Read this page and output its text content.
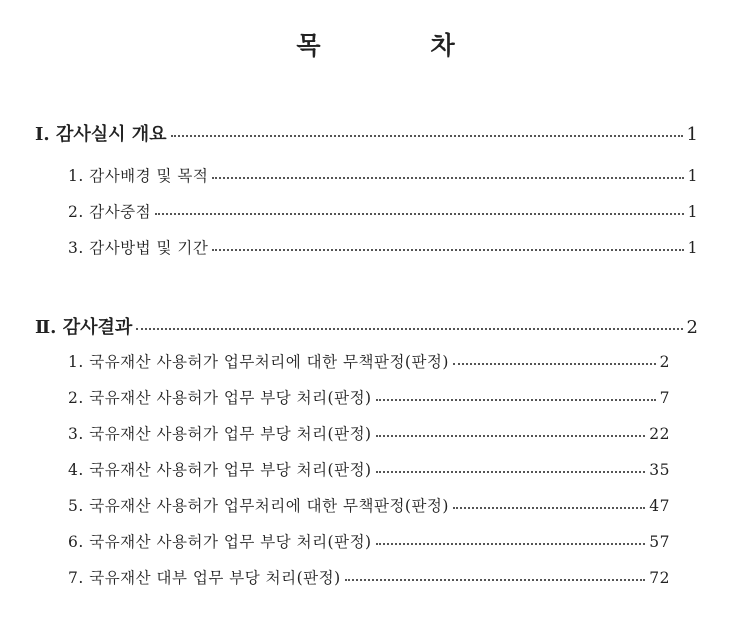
목	차
Ⅰ. 감사실시 개요	1
1. 감사배경 및 목적	1
2. 감사중점	1
3. 감사방법 및 기간	1
Ⅱ. 감사결과	2
1. 국유재산 사용허가 업무처리에 대한 무책판정(판정)	2
2. 국유재산 사용허가 업무 부당 처리(판정)	7
3. 국유재산 사용허가 업무 부당 처리(판정)	22
4. 국유재산 사용허가 업무 부당 처리(판정)	35
5. 국유재산 사용허가 업무처리에 대한 무책판정(판정)	47
6. 국유재산 사용허가 업무 부당 처리(판정)	57
7. 국유재산 대부 업무 부당 처리(판정)	72
